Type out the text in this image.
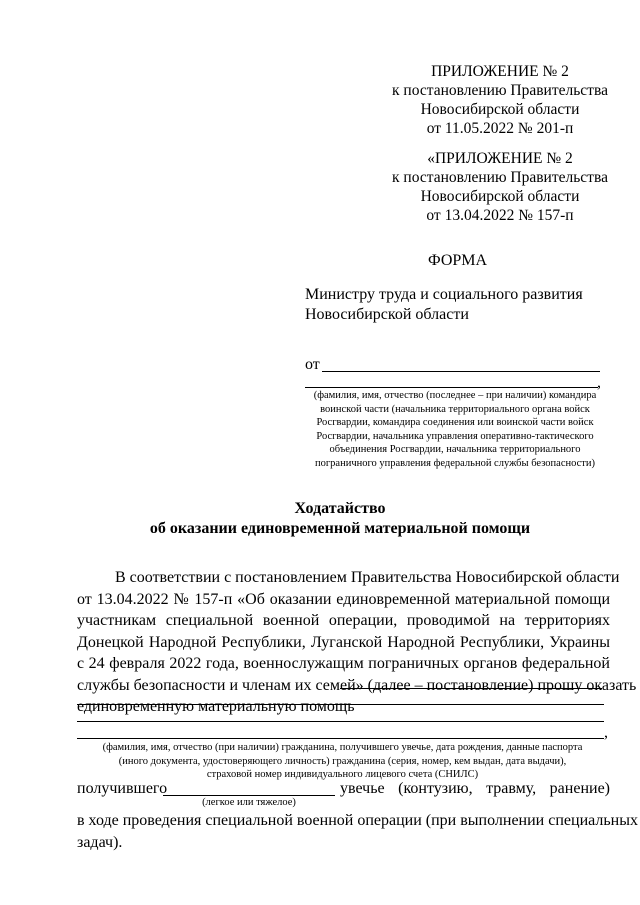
ПРИЛОЖЕНИЕ № 2
к постановлению Правительства
Новосибирской области
от 11.05.2022 № 201-п
«ПРИЛОЖЕНИЕ № 2
к постановлению Правительства
Новосибирской области
от 13.04.2022 № 157-п
ФОРМА
Министру труда и социального развития
Новосибирской области
от
,
(фамилия, имя, отчество (последнее – при наличии) командира
воинской части (начальника территориального органа войск
Росгвардии, командира соединения или воинской части войск
Росгвардии, начальника управления оперативно-тактического
объединения Росгвардии, начальника территориального
пограничного управления федеральной службы безопасности)
Ходатайство
об оказании единовременной материальной помощи
В соответствии с постановлением Правительства Новосибирской области
от 13.04.2022 № 157-п «Об оказании единовременной материальной помощи
участникам специальной военной операции, проводимой на территориях
Донецкой Народной Республики, Луганской Народной Республики, Украины
с 24 февраля 2022 года, военнослужащим пограничных органов федеральной
службы безопасности и членам их семей» (далее – постановление) прошу оказать
единовременную материальную помощь
,
(фамилия, имя, отчество (при наличии) гражданина, получившего увечье, дата рождения, данные паспорта
(иного документа, удостоверяющего личность) гражданина (серия, номер, кем выдан, дата выдачи),
страховой номер индивидуального лицевого счета (СНИЛС)
получившего	увечье (контузию, травму, ранение)
(легкое или тяжелое)
в ходе проведения специальной военной операции (при выполнении специальных
задач).
